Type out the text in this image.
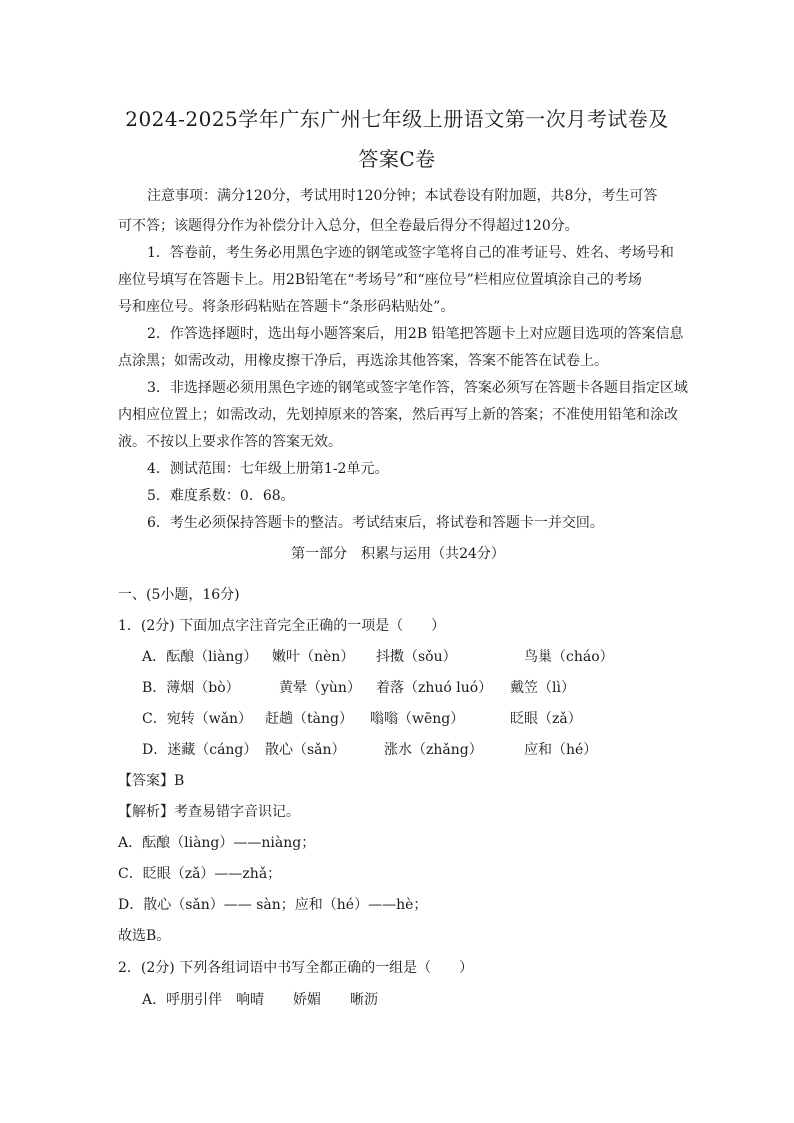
2024-2025学年广东广州七年级上册语文第一次月考试卷及
答案C卷
注意事项：满分120分，考试用时120分钟；本试卷设有附加题，共8分，考生可答
可不答；该题得分作为补偿分计入总分，但全卷最后得分不得超过120分。
1．答卷前，考生务必用黑色字迹的钢笔或签字笔将自己的准考证号、姓名、考场号和
座位号填写在答题卡上。用2B铅笔在“考场号”和“座位号”栏相应位置填涂自己的考场
号和座位号。将条形码粘贴在答题卡“条形码粘贴处”。
2．作答选择题时，选出每小题答案后，用2B 铅笔把答题卡上对应题目选项的答案信息
点涂黑；如需改动，用橡皮擦干净后，再选涂其他答案，答案不能答在试卷上。
3．非选择题必须用黑色字迹的钢笔或签字笔作答，答案必须写在答题卡各题目指定区域
内相应位置上；如需改动，先划掉原来的答案，然后再写上新的答案；不准使用铅笔和涂改
液。不按以上要求作答的答案无效。
4．测试范围：七年级上册第1-2单元。
5．难度系数：0．68。
6．考生必须保持答题卡的整洁。考试结束后，将试卷和答题卡一并交回。
第一部分　积累与运用（共24分）
一、(5小题，16分)
1．(2分) 下面加点字注音完全正确的一项是（　　）
A．酝酿（liàng） 嫩叶（nèn） 抖擞（sǒu）	鸟巢（cháo）
B．薄烟（bò）	黄晕（yùn） 着落（zhuó luó） 戴笠（lì）
C．宛转（wǎn） 赶趟（tàng） 嗡嗡（wēng）	眨眼（zǎ）
D．迷藏（cáng） 散心（sǎn）	涨水（zhǎng）	应和（hé）
【答案】B
【解析】考查易错字音识记。
A．酝酿（liàng）——niàng；
C．眨眼（zǎ）——zhǎ；
D．散心（sǎn）—— sàn；应和（hé）——hè；
故选B。
2．(2分) 下列各组词语中书写全都正确的一组是（　　）
A．呼朋引伴 响晴 娇媚 晰沥
